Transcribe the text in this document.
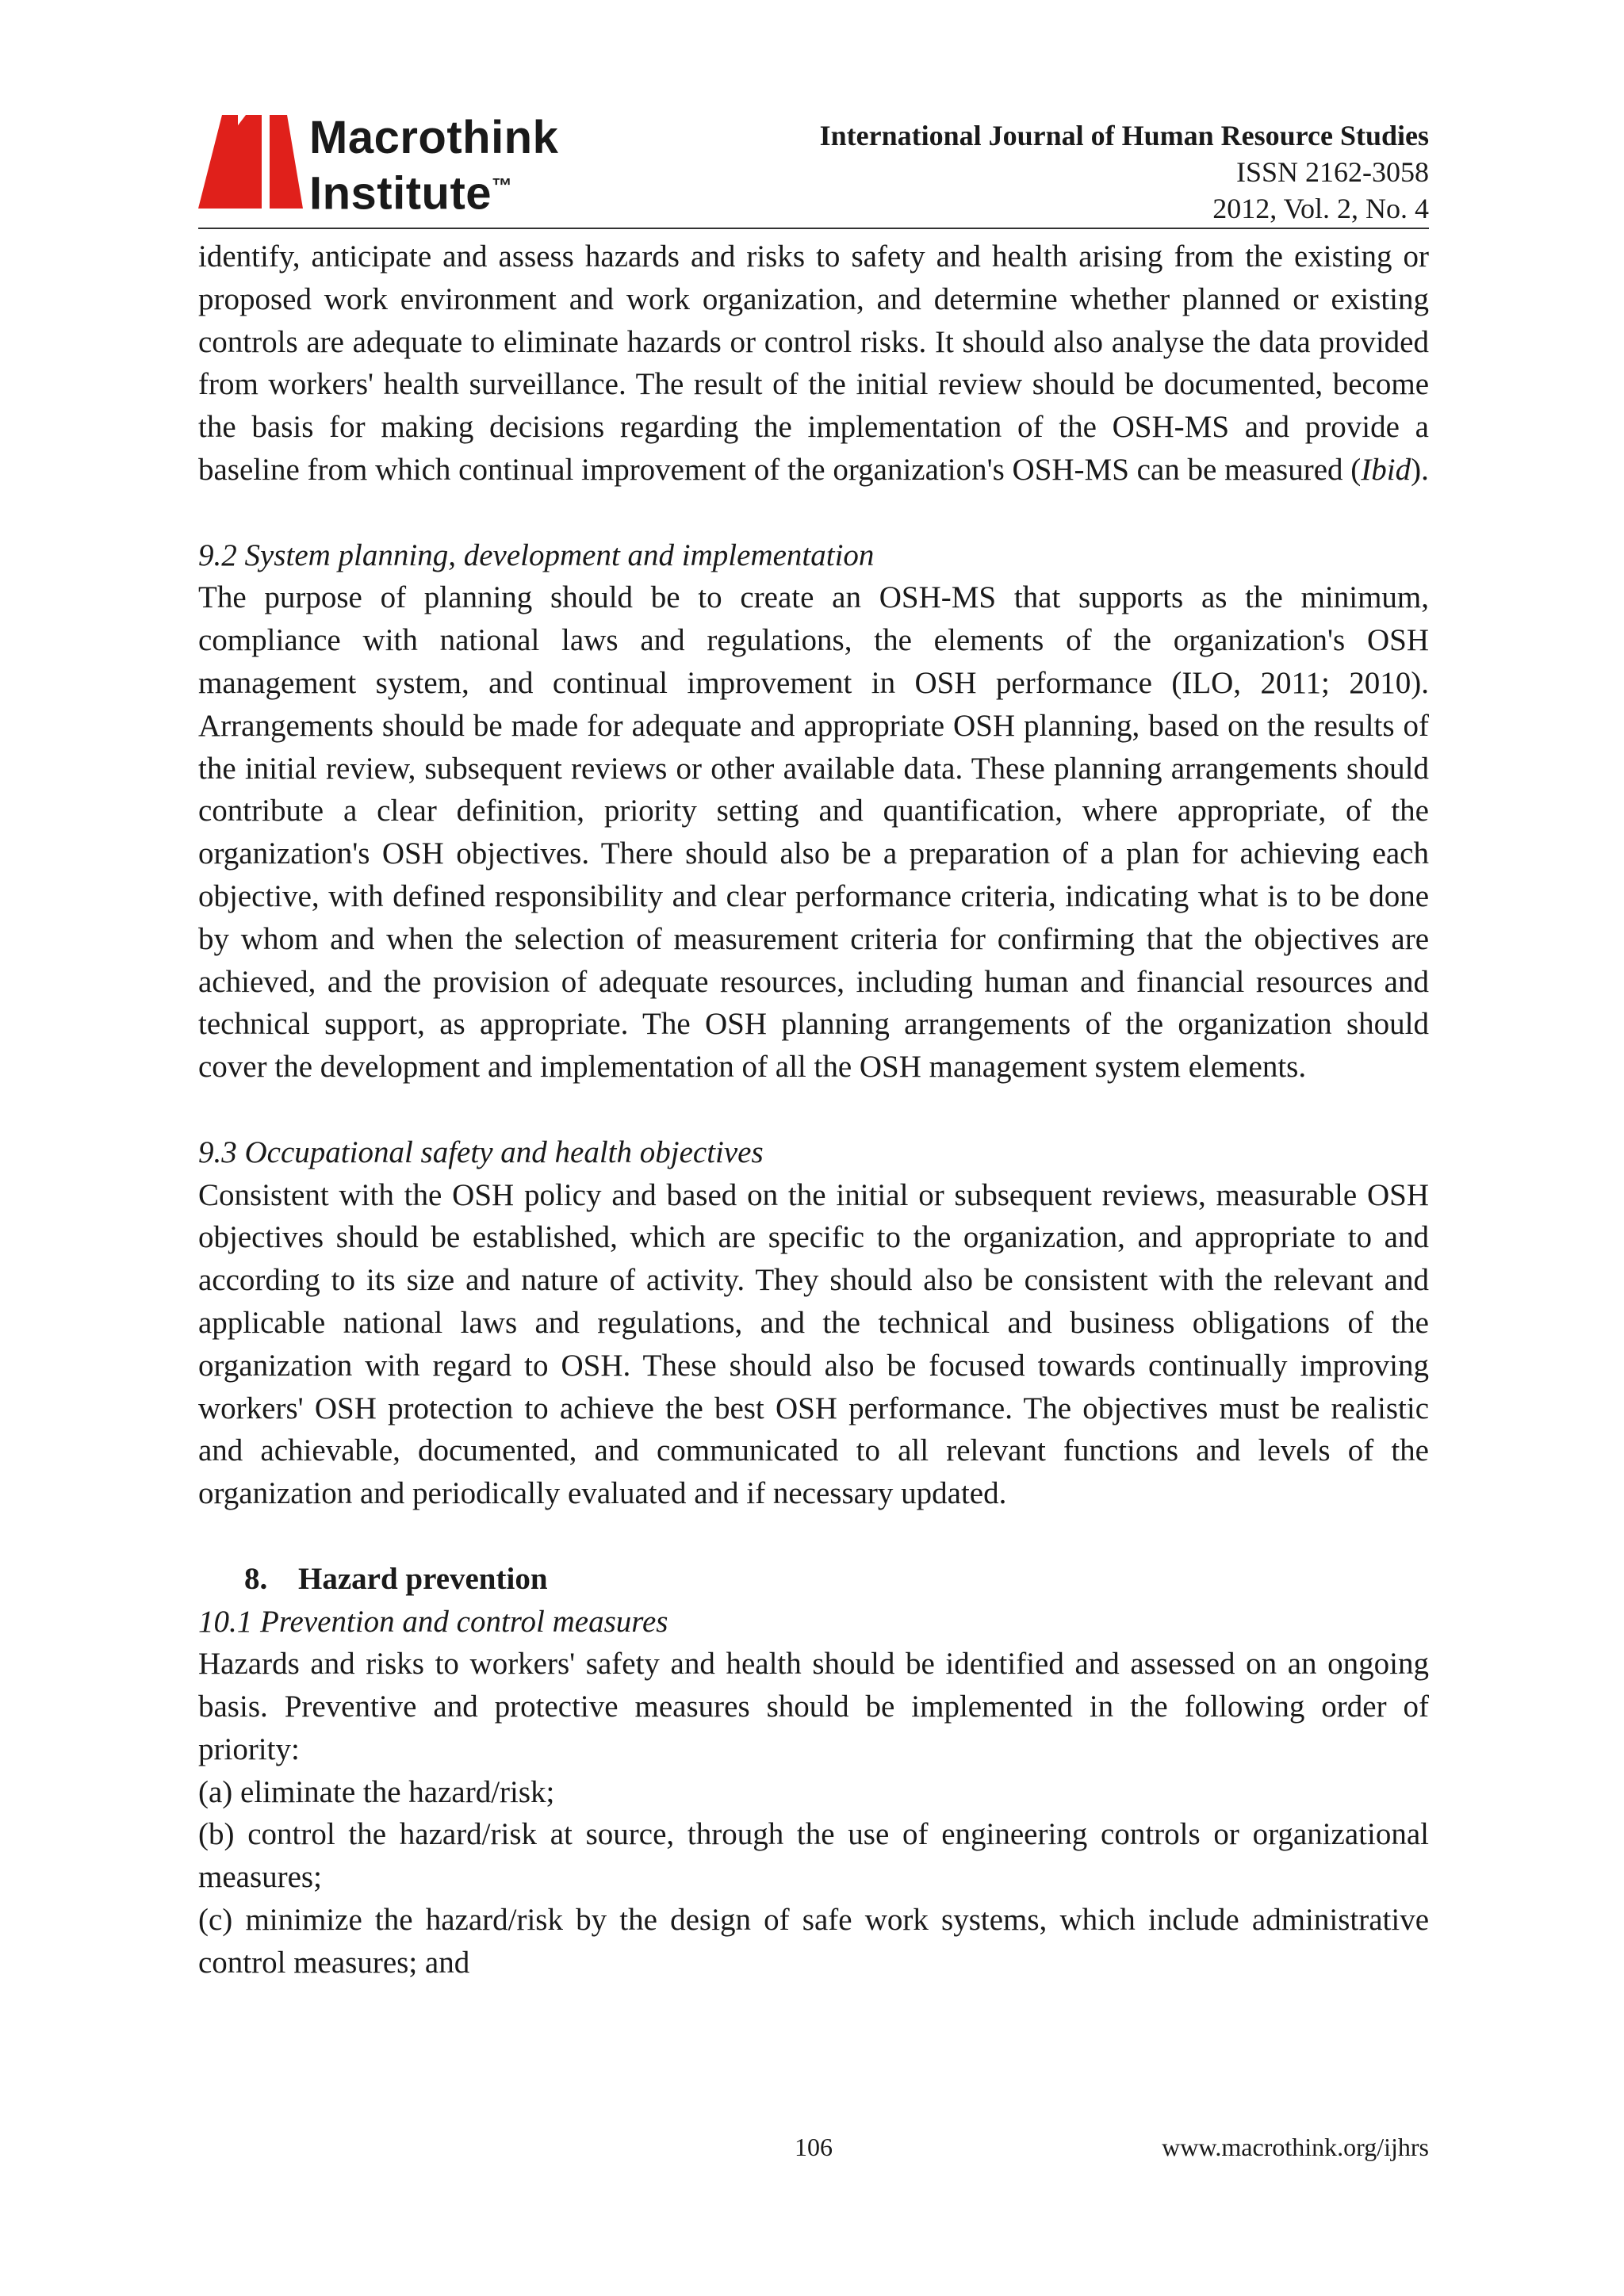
Macrothink
Institute™
International Journal of Human Resource Studies
ISSN 2162-3058
2012, Vol. 2, No. 4

identify, anticipate and assess hazards and risks to safety and health arising from the existing or proposed work environment and work organization, and determine whether planned or existing controls are adequate to eliminate hazards or control risks. It should also analyse the data provided from workers' health surveillance. The result of the initial review should be documented, become the basis for making decisions regarding the implementation of the OSH-MS and provide a baseline from which continual improvement of the organization's OSH-MS can be measured (Ibid).

9.2 System planning, development and implementation

The purpose of planning should be to create an OSH-MS that supports as the minimum, compliance with national laws and regulations, the elements of the organization's OSH management system, and continual improvement in OSH performance (ILO, 2011; 2010). Arrangements should be made for adequate and appropriate OSH planning, based on the results of the initial review, subsequent reviews or other available data. These planning arrangements should contribute a clear definition, priority setting and quantification, where appropriate, of the organization's OSH objectives. There should also be a preparation of a plan for achieving each objective, with defined responsibility and clear performance criteria, indicating what is to be done by whom and when the selection of measurement criteria for confirming that the objectives are achieved, and the provision of adequate resources, including human and financial resources and technical support, as appropriate. The OSH planning arrangements of the organization should cover the development and implementation of all the OSH management system elements.

9.3 Occupational safety and health objectives

Consistent with the OSH policy and based on the initial or subsequent reviews, measurable OSH objectives should be established, which are specific to the organization, and appropriate to and according to its size and nature of activity. They should also be consistent with the relevant and applicable national laws and regulations, and the technical and business obligations of the organization with regard to OSH. These should also be focused towards continually improving workers' OSH protection to achieve the best OSH performance. The objectives must be realistic and achievable, documented, and communicated to all relevant functions and levels of the organization and periodically evaluated and if necessary updated.

8. Hazard prevention

10.1 Prevention and control measures

Hazards and risks to workers' safety and health should be identified and assessed on an ongoing basis. Preventive and protective measures should be implemented in the following order of priority:

(a) eliminate the hazard/risk;

(b) control the hazard/risk at source, through the use of engineering controls or organizational measures;

(c) minimize the hazard/risk by the design of safe work systems, which include administrative control measures; and

106	www.macrothink.org/ijhrs
